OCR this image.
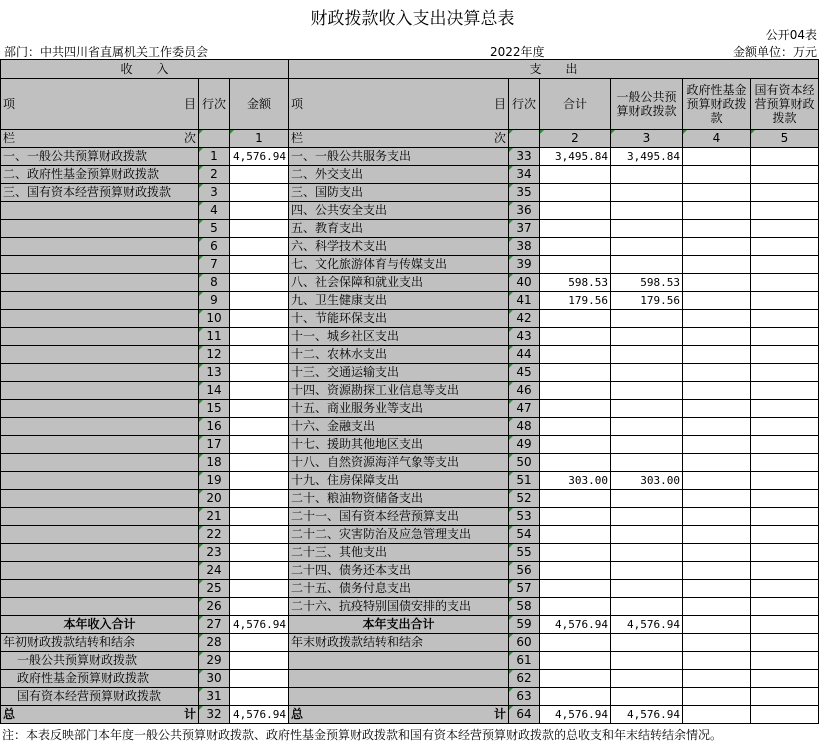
财政拨款收入支出决算总表
公开04表
部门：中共四川省直属机关工作委员会	2022年度	金额单位：万元
收　　入			支　　出					

项 目	行次	金额	项 目	行次	合计	一般公共预算财政拨款	政府性基金预算财政拨款	国有资本经营预算财政拨款

栏 次		1	栏 次		2	3	4	5
一、一般公共预算财政拨款	1	4,576.94	一、一般公共服务支出	33	3,495.84	3,495.84		
二、政府性基金预算财政拨款	2		二、外交支出	34				
三、国有资本经营预算财政拨款	3		三、国防支出	35				
	4		四、公共安全支出	36				
	5		五、教育支出	37				
	6		六、科学技术支出	38				
	7		七、文化旅游体育与传媒支出	39				
	8		八、社会保障和就业支出	40	598.53	598.53		
	9		九、卫生健康支出	41	179.56	179.56		
	10		十、节能环保支出	42				
	11		十一、城乡社区支出	43				
	12		十二、农林水支出	44				
	13		十三、交通运输支出	45				
	14		十四、资源勘探工业信息等支出	46				
	15		十五、商业服务业等支出	47				
	16		十六、金融支出	48				
	17		十七、援助其他地区支出	49				
	18		十八、自然资源海洋气象等支出	50				
	19		十九、住房保障支出	51	303.00	303.00		
	20		二十、粮油物资储备支出	52				
	21		二十一、国有资本经营预算支出	53				
	22		二十二、灾害防治及应急管理支出	54				
	23		二十三、其他支出	55				
	24		二十四、债务还本支出	56				
	25		二十五、债务付息支出	57				
	26		二十六、抗疫特别国债安排的支出	58				
本年收入合计	27	4,576.94	本年支出合计	59	4,576.94	4,576.94		
年初财政拨款结转和结余	28		年末财政拨款结转和结余	60				
一般公共预算财政拨款	29			61				
政府性基金预算财政拨款	30			62				
国有资本经营预算财政拨款	31			63				

总 计	32	4,576.94	总 计	64	4,576.94	4,576.94		
注：本表反映部门本年度一般公共预算财政拨款、政府性基金预算财政拨款和国有资本经营预算财政拨款的总收支和年末结转结余情况。
